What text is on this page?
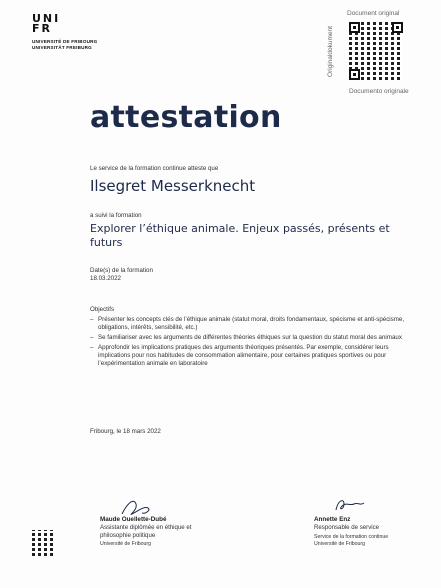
UNI
FR
UNIVERSITÉ DE FRIBOURG
UNIVERSITÄT FREIBURG
Document original
Originaldokument
Documento originale
attestation
Le service de la formation continue atteste que
Ilsegret Messerknecht
a suivi la formation
Explorer l’éthique animale. Enjeux passés, présents et futurs
Date(s) de la formation
18.03.2022
Objectifs
– Présenter les concepts clés de l’éthique animale (statut moral, droits fondamentaux, spécisme et anti-spécisme, obligations, intérêts, sensibilité, etc.)
– Se familiariser avec les arguments de différentes théories éthiques sur la question du statut moral des animaux
– Approfondir les implications pratiques des arguments théoriques présentés. Par exemple, considérer leurs implications pour nos habitudes de consommation alimentaire, pour certaines pratiques sportives ou pour l’expérimentation animale en laboratoire
Fribourg, le 18 mars 2022
Maude Ouellette-Dubé
Assistante diplômée en éthique et
philosophie politique
Université de Fribourg
Annette Enz
Responsable de service
Service de la formation continue
Université de Fribourg
